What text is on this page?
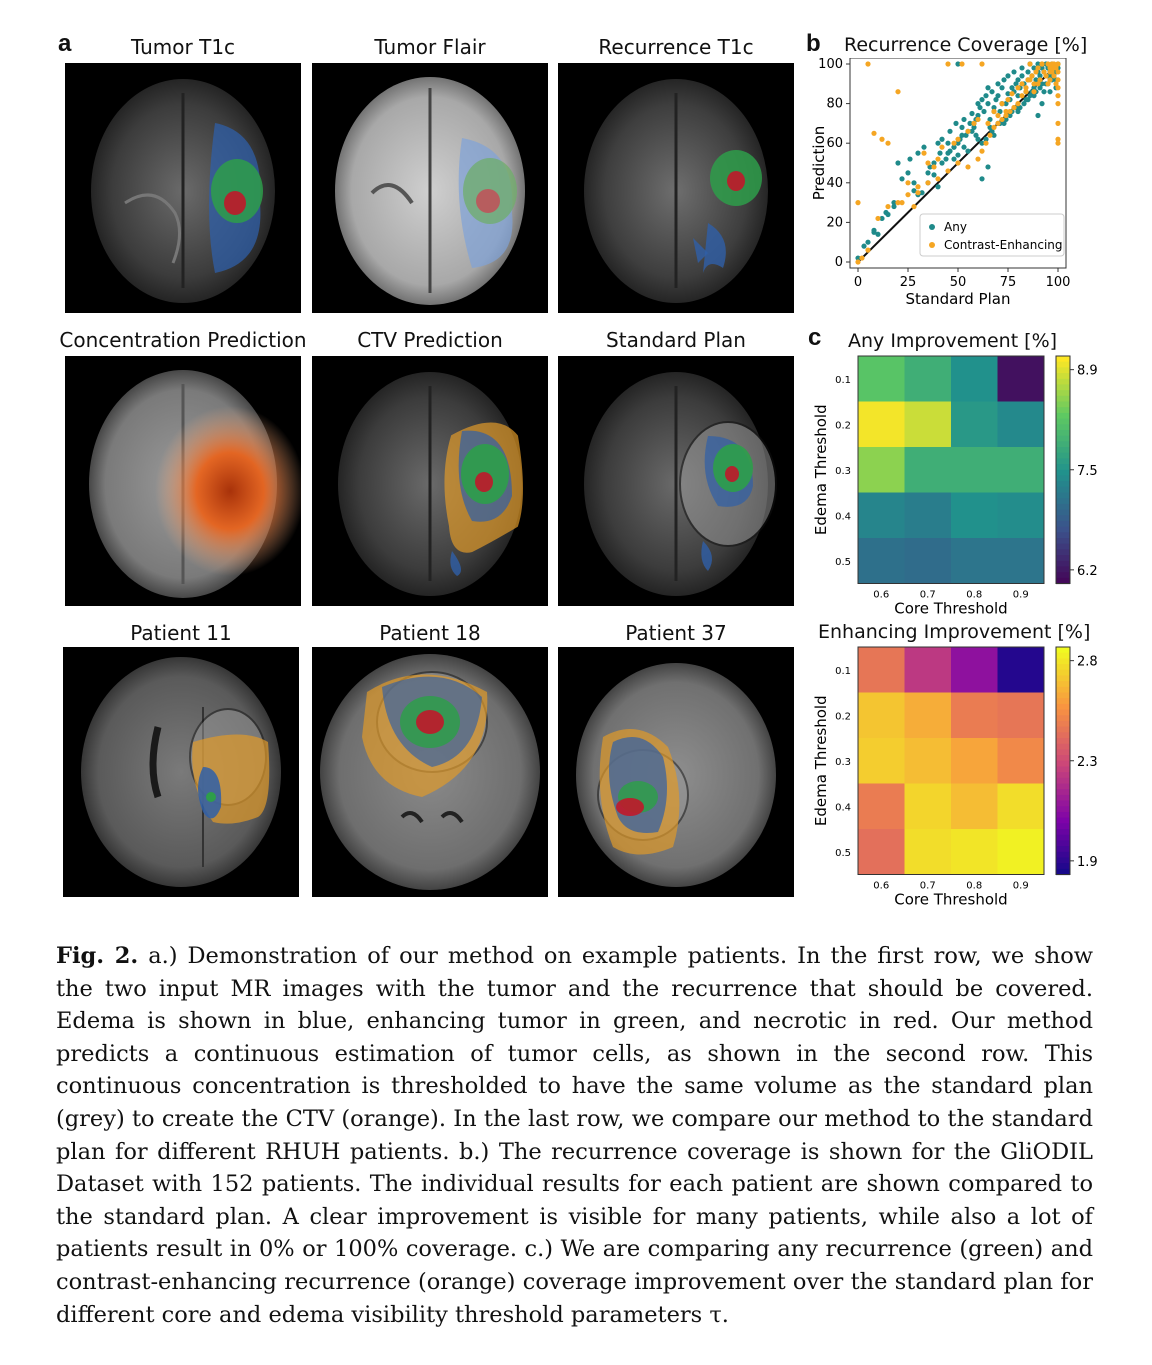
a	b
c
Tumor T1c	Tumor Flair	Recurrence T1c
Concentration Prediction	CTV Prediction	Standard Plan
Patient 11	Patient 18	Patient 37
Recurrence Coverage [%]
0	25	50	75 100
0
20
40
60
80
100
Standard Plan
Prediction
Any
Contrast-Enhancing
Any Improvement [%]
0.1
0.2
0.3
0.4
0.5
0.6	0.7	0.8	0.9
Core Threshold
Edema Threshold
8.9
7.5
6.2
Enhancing Improvement [%]
0.1
0.2
0.3
0.4
0.5
0.6	0.7	0.8	0.9
Core Threshold
Edema Threshold
2.8
2.3
1.9
Fig. 2. a.) Demonstration of our method on example patients. In the first row, we show the two input MR images with the tumor and the recurrence that should be covered. Edema is shown in blue, enhancing tumor in green, and necrotic in red. Our method predicts a continuous estimation of tumor cells, as shown in the second row. This continuous concentration is thresholded to have the same volume as the standard plan (grey) to create the CTV (orange). In the last row, we compare our method to the standard plan for different RHUH patients. b.) The recurrence coverage is shown for the GliODIL Dataset with 152 patients. The individual results for each patient are shown compared to the standard plan. A clear improvement is visible for many patients, while also a lot of patients result in 0% or 100% coverage. c.) We are comparing any recurrence (green) and contrast-enhancing recurrence (orange) coverage improvement over the standard plan for different core and edema visibility threshold parameters τ.
